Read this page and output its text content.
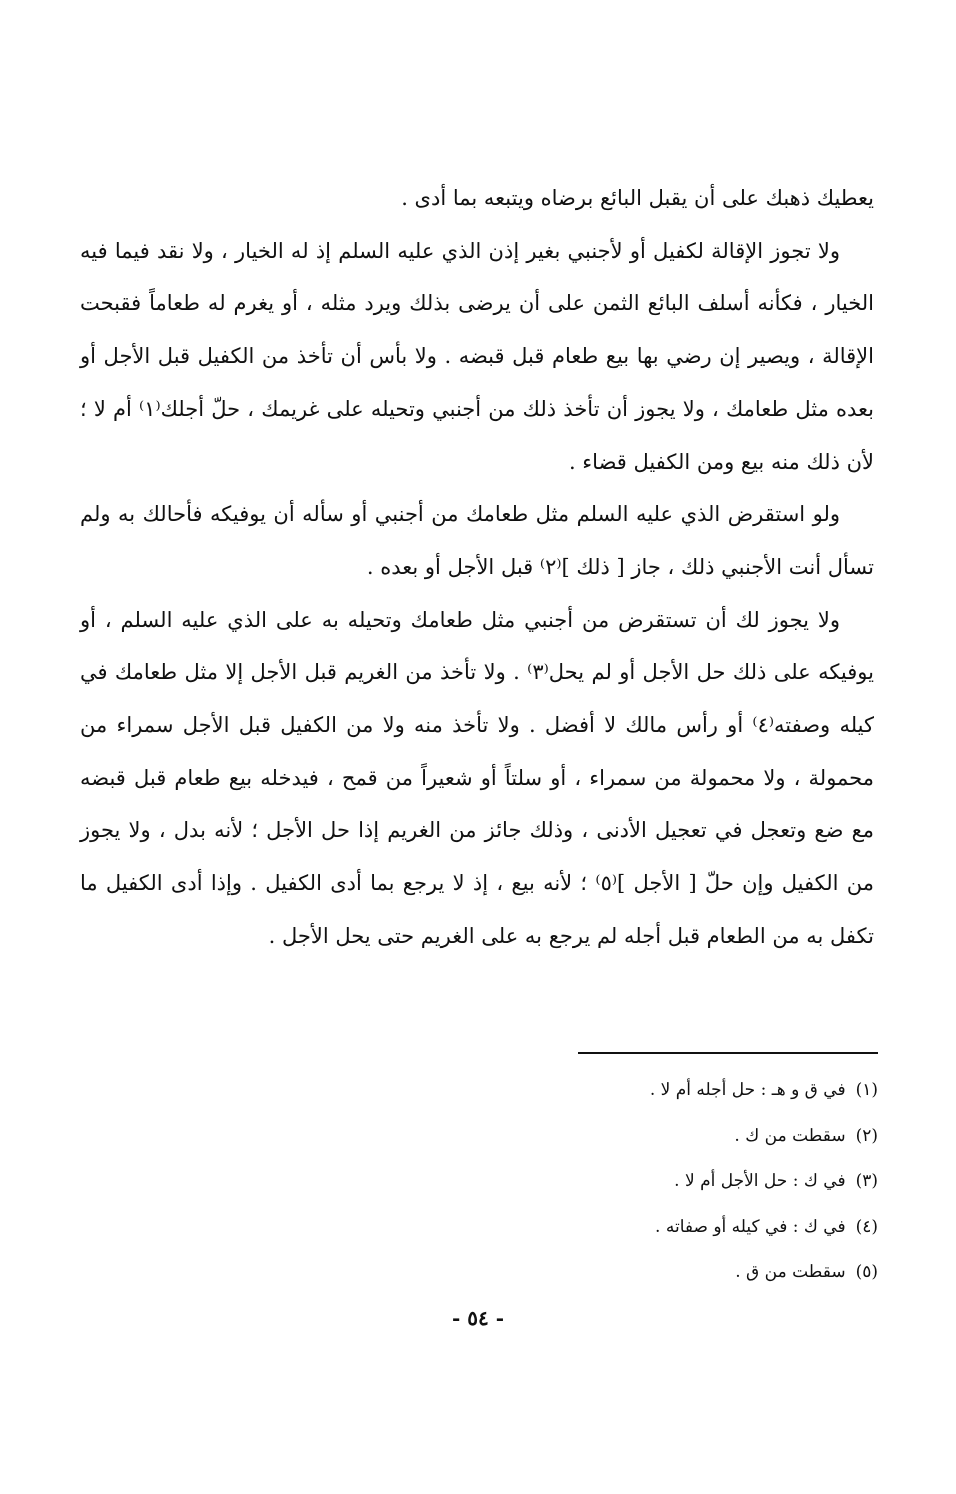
يعطيك ذهبك على أن يقبل البائع برضاه ويتبعه بما أدى .

ولا تجوز الإقالة لكفيل أو لأجنبي بغير إذن الذي عليه السلم إذ له الخيار ، ولا نقد فيما فيه الخيار ، فكأنه أسلف البائع الثمن على أن يرضى بذلك ويرد مثله ، أو يغرم له طعاماً فقبحت الإقالة ، ويصير إن رضي بها بيع طعام قبل قبضه . ولا بأس أن تأخذ من الكفيل قبل الأجل أو بعده مثل طعامك ، ولا يجوز أن تأخذ ذلك من أجنبي وتحيله على غريمك ، حلّ أجلك⁽١⁾ أم لا ؛ لأن ذلك منه بيع ومن الكفيل قضاء .

ولو استقرض الذي عليه السلم مثل طعامك من أجنبي أو سأله أن يوفيكه فأحالك به ولم تسأل أنت الأجنبي ذلك ، جاز [ ذلك ]⁽٢⁾ قبل الأجل أو بعده .

ولا يجوز لك أن تستقرض من أجنبي مثل طعامك وتحيله به على الذي عليه السلم ، أو يوفيكه على ذلك حل الأجل أو لم يحل⁽٣⁾ . ولا تأخذ من الغريم قبل الأجل إلا مثل طعامك في كيله وصفته⁽٤⁾ أو رأس مالك لا أفضل . ولا تأخذ منه ولا من الكفيل قبل الأجل سمراء من محمولة ، ولا محمولة من سمراء ، أو سلتاً أو شعيراً من قمح ، فيدخله بيع طعام قبل قبضه مع ضع وتعجل في تعجيل الأدنى ، وذلك جائز من الغريم إذا حل الأجل ؛ لأنه بدل ، ولا يجوز من الكفيل وإن حلّ [ الأجل ]⁽٥⁾ ؛ لأنه بيع ، إذ لا يرجع بما أدى الكفيل . وإذا أدى الكفيل ما تكفل به من الطعام قبل أجله لم يرجع به على الغريم حتى يحل الأجل .

(١)في ق و هـ : حل أجله أم لا .
(٢)سقطت من ك .
(٣)في ك : حل الأجل أم لا .
(٤)في ك : في كيله أو صفاته .
(٥)سقطت من ق .
- ٥٤ -
